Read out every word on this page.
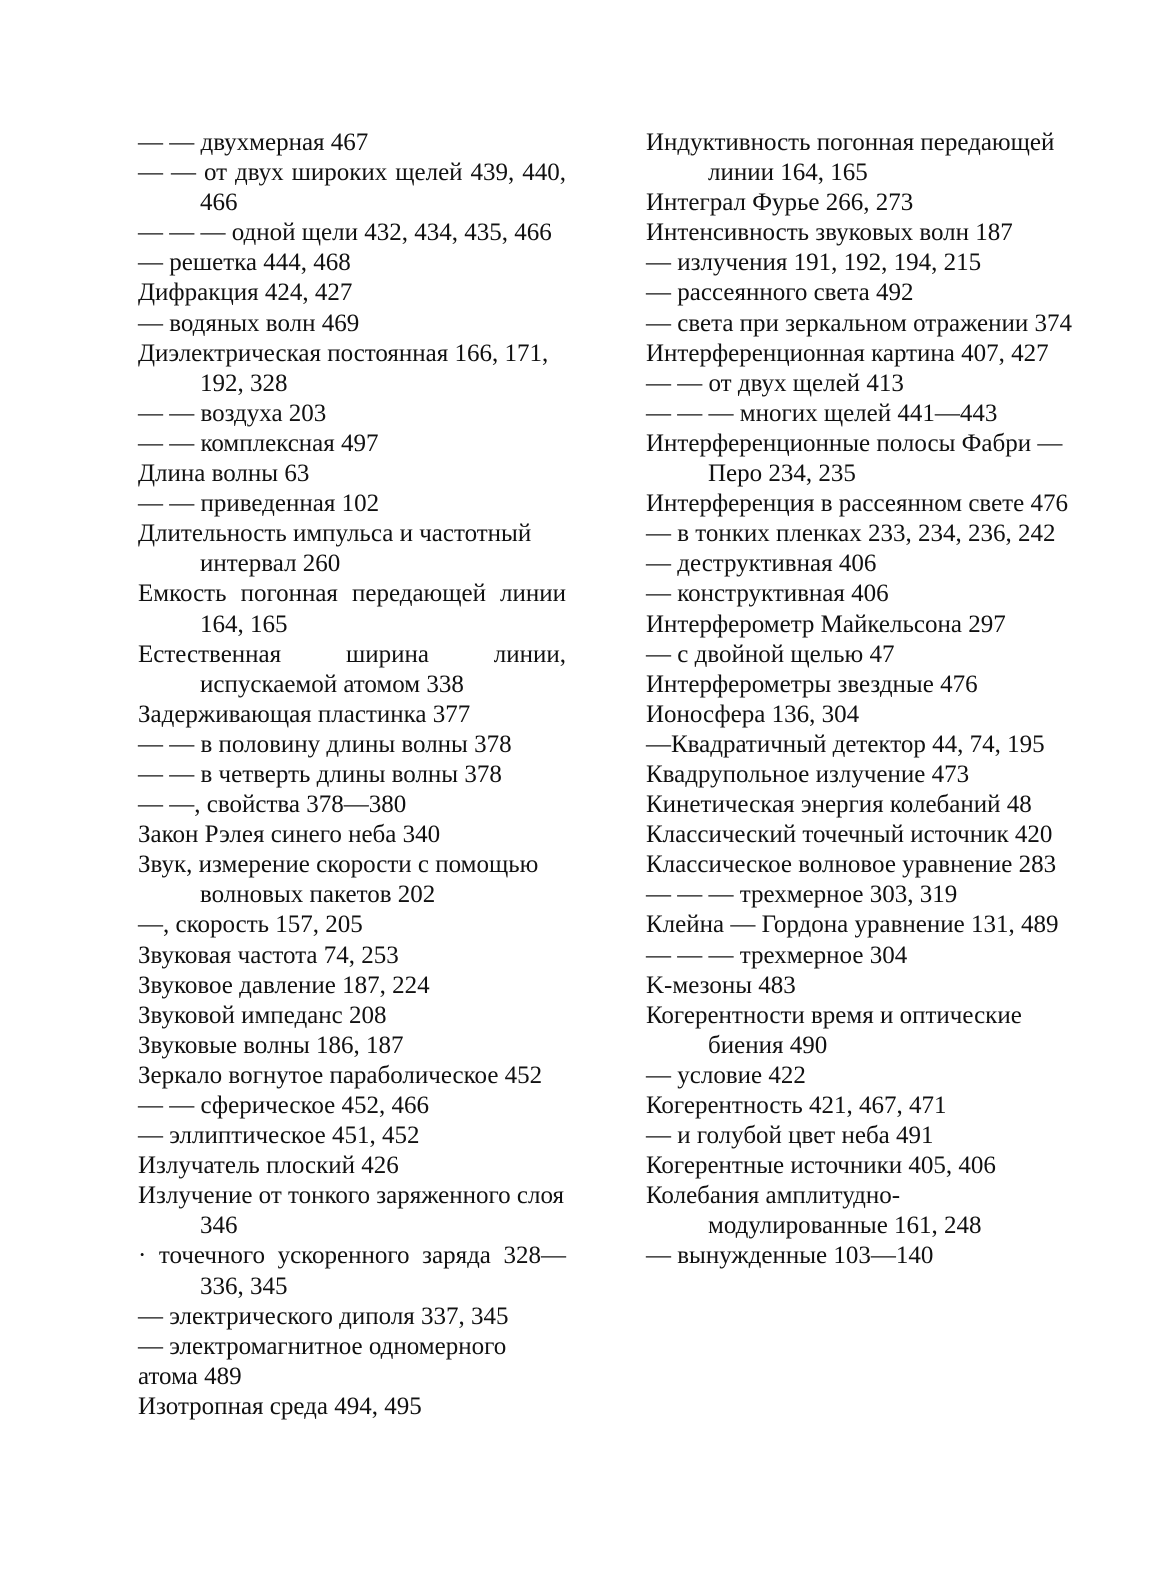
— — двухмерная 467
— — от двух широких щелей 439, 440, 466
— — — одной щели 432, 434, 435, 466
— решетка 444, 468
Дифракция 424, 427
— водяных волн 469
Диэлектрическая постоянная 166, 171, 192, 328
— — воздуха 203
— — комплексная 497
Длина волны 63
— — приведенная 102
Длительность импульса и частотный интервал 260
Емкость погонная передающей линии 164, 165
Естественная ширина линии, испускаемой атомом 338
Задерживающая пластинка 377
— — в половину длины волны 378
— — в четверть длины волны 378
— —, свойства 378—380
Закон Рэлея синего неба 340
Звук, измерение скорости с помощью волновых пакетов 202
—, скорость 157, 205
Звуковая частота 74, 253
Звуковое давление 187, 224
Звуковой импеданс 208
Звуковые волны 186, 187
Зеркало вогнутое параболическое 452
— — сферическое 452, 466
— эллиптическое 451, 452
Излучатель плоский 426
Излучение от тонкого заряженного слоя 346
· точечного ускоренного заряда 328—336, 345
— электрического диполя 337, 345
— электромагнитное одномерного атома 489
Изотропная среда 494, 495
Индуктивность погонная передающей линии 164, 165
Интеграл Фурье 266, 273
Интенсивность звуковых волн 187
— излучения 191, 192, 194, 215
— рассеянного света 492
— света при зеркальном отражении 374
Интерференционная картина 407, 427
— — от двух щелей 413
— — — многих щелей 441—443
Интерференционные полосы Фабри — Перо 234, 235
Интерференция в рассеянном свете 476
— в тонких пленках 233, 234, 236, 242
— деструктивная 406
— конструктивная 406
Интерферометр Майкельсона 297
— с двойной щелью 47
Интерферометры звездные 476
Ионосфера 136, 304
—Квадратичный детектор 44, 74, 195
Квадрупольное излучение 473
Кинетическая энергия колебаний 48
Классический точечный источник 420
Классическое волновое уравнение 283
— — — трехмерное 303, 319
Клейна — Гордона уравнение 131, 489
— — — трехмерное 304
K-мезоны 483
Когерентности время и оптические биения 490
— условие 422
Когерентность 421, 467, 471
— и голубой цвет неба 491
Когерентные источники 405, 406
Колебания амплитудно-модулированные 161, 248
— вынужденные 103—140
